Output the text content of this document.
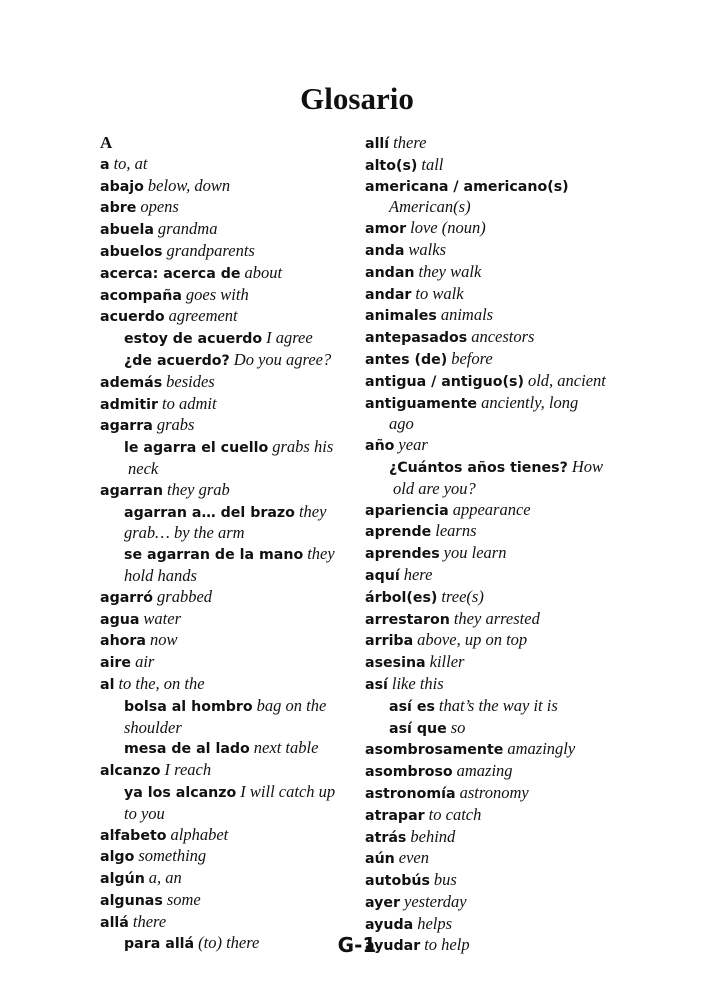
Glosario
A
a to, at
abajo below, down
abre opens
abuela grandma
abuelos grandparents
acerca: acerca de about
acompaña goes with
acuerdo agreement
estoy de acuerdo I agree
¿de acuerdo? Do you agree?
además besides
admitir to admit
agarra grabs
le agarra el cuello grabs his
neck
agarran they grab
agarran a… del brazo they
grab… by the arm
se agarran de la mano they
hold hands
agarró grabbed
agua water
ahora now
aire air
al to the, on the
bolsa al hombro bag on the
shoulder
mesa de al lado next table
alcanzo I reach
ya los alcanzo I will catch up
to you
alfabeto alphabet
algo something
algún a, an
algunas some
allá there
para allá (to) there
allí there
alto(s) tall
americana / americano(s)
American(s)
amor love (noun)
anda walks
andan they walk
andar to walk
animales animals
antepasados ancestors
antes (de) before
antigua / antiguo(s) old, ancient
antiguamente anciently, long
ago
año year
¿Cuántos años tienes? How
old are you?
apariencia appearance
aprende learns
aprendes you learn
aquí here
árbol(es) tree(s)
arrestaron they arrested
arriba above, up on top
asesina killer
así like this
así es that’s the way it is
así que so
asombrosamente amazingly
asombroso amazing
astronomía astronomy
atrapar to catch
atrás behind
aún even
autobús bus
ayer yesterday
ayuda helps
ayudar to help
G-1
